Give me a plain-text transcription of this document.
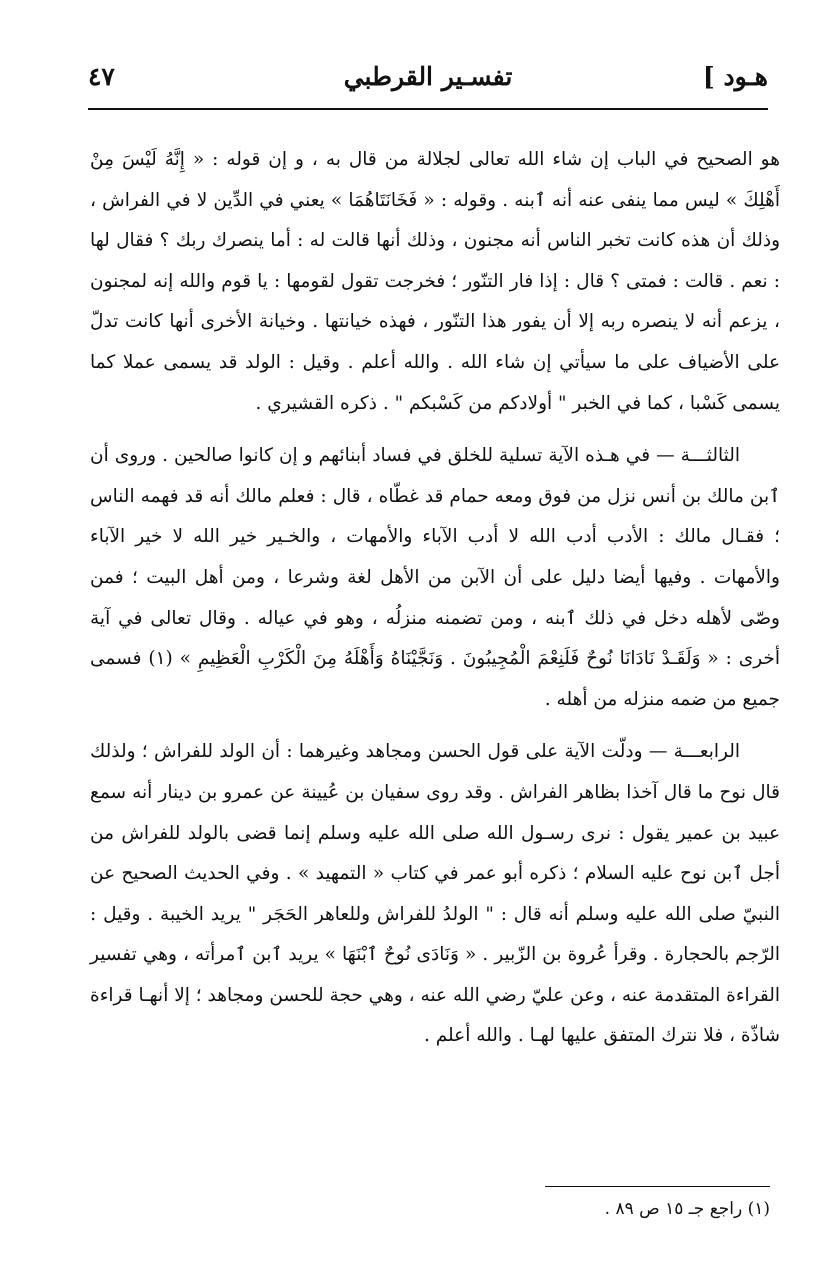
هـود ]
تفسـير القرطبي
٤٧

هو الصحيح في الباب إن شاء الله تعالى لجلالة من قال به ، و إن قوله : « إِنَّهُ لَيْسَ مِنْ أَهْلِكَ » ليس مما ينفى عنه أنه ٱبنه . وقوله : « فَخَانَتَاهُمَا » يعني في الدِّين لا في الفراش ، وذلك أن هذه كانت تخبر الناس أنه مجنون ، وذلك أنها قالت له : أما ينصرك ربك ؟ فقال لها : نعم . قالت : فمتى ؟ قال : إذا فار التنّور ؛ فخرجت تقول لقومها : يا قوم والله إنه لمجنون ، يزعم أنه لا ينصره ربه إلا أن يفور هذا التنّور ، فهذه خيانتها . وخيانة الأخرى أنها كانت تدلّ على الأضياف على ما سيأتي إن شاء الله . والله أعلم . وقيل : الولد قد يسمى عملا كما يسمى كَسْبا ، كما في الخبر " أولادكم من كَسْبكم " . ذكره القشيري .

الثالثـــة — في هـذه الآية تسلية للخلق في فساد أبنائهم و إن كانوا صالحين . وروى أن ٱبن مالك بن أنس نزل من فوق ومعه حمام قد غطّاه ، قال : فعلم مالك أنه قد فهمه الناس ؛ فقـال مالك : الأدب أدب الله لا أدب الآباء والأمهات ، والخـير خير الله لا خير الآباء والأمهات . وفيها أيضا دليل على أن الآبن من الأهل لغة وشرعا ، ومن أهل البيت ؛ فمن وصّى لأهله دخل في ذلك ٱبنه ، ومن تضمنه منزلُه ، وهو في عياله . وقال تعالى في آية أخرى : « وَلَقَـدْ نَادَانَا نُوحٌ فَلَنِعْمَ الْمُجِيبُونَ . وَنَجَّيْنَاهُ وَأَهْلَهُ مِنَ الْكَرْبِ الْعَظِيمِ » (١) فسمى جميع من ضمه منزله من أهله .

الرابعـــة — ودلّت الآية على قول الحسن ومجاهد وغيرهما : أن الولد للفراش ؛ ولذلك قال نوح ما قال آخذا بظاهر الفراش . وقد روى سفيان بن عُيينة عن عمرو بن دينار أنه سمع عبيد بن عمير يقول : نرى رسـول الله صلى الله عليه وسلم إنما قضى بالولد للفراش من أجل ٱبن نوح عليه السلام ؛ ذكره أبو عمر في كتاب « التمهيد » . وفي الحديث الصحيح عن النبيّ صلى الله عليه وسلم أنه قال : " الولدُ للفراش وللعاهر الحَجَر " يريد الخيبة . وقيل : الرّجم بالحجارة . وقرأ عُروة بن الزّبير . « وَنَادَى نُوحٌ ٱبْنَهَا » يريد ٱبن ٱمرأته ، وهي تفسير القراءة المتقدمة عنه ، وعن عليّ رضي الله عنه ، وهي حجة للحسن ومجاهد ؛ إلا أنهـا قراءة شاذّة ، فلا نترك المتفق عليها لهـا . والله أعلم .

(١) راجع جـ ١٥ ص ٨٩ .
